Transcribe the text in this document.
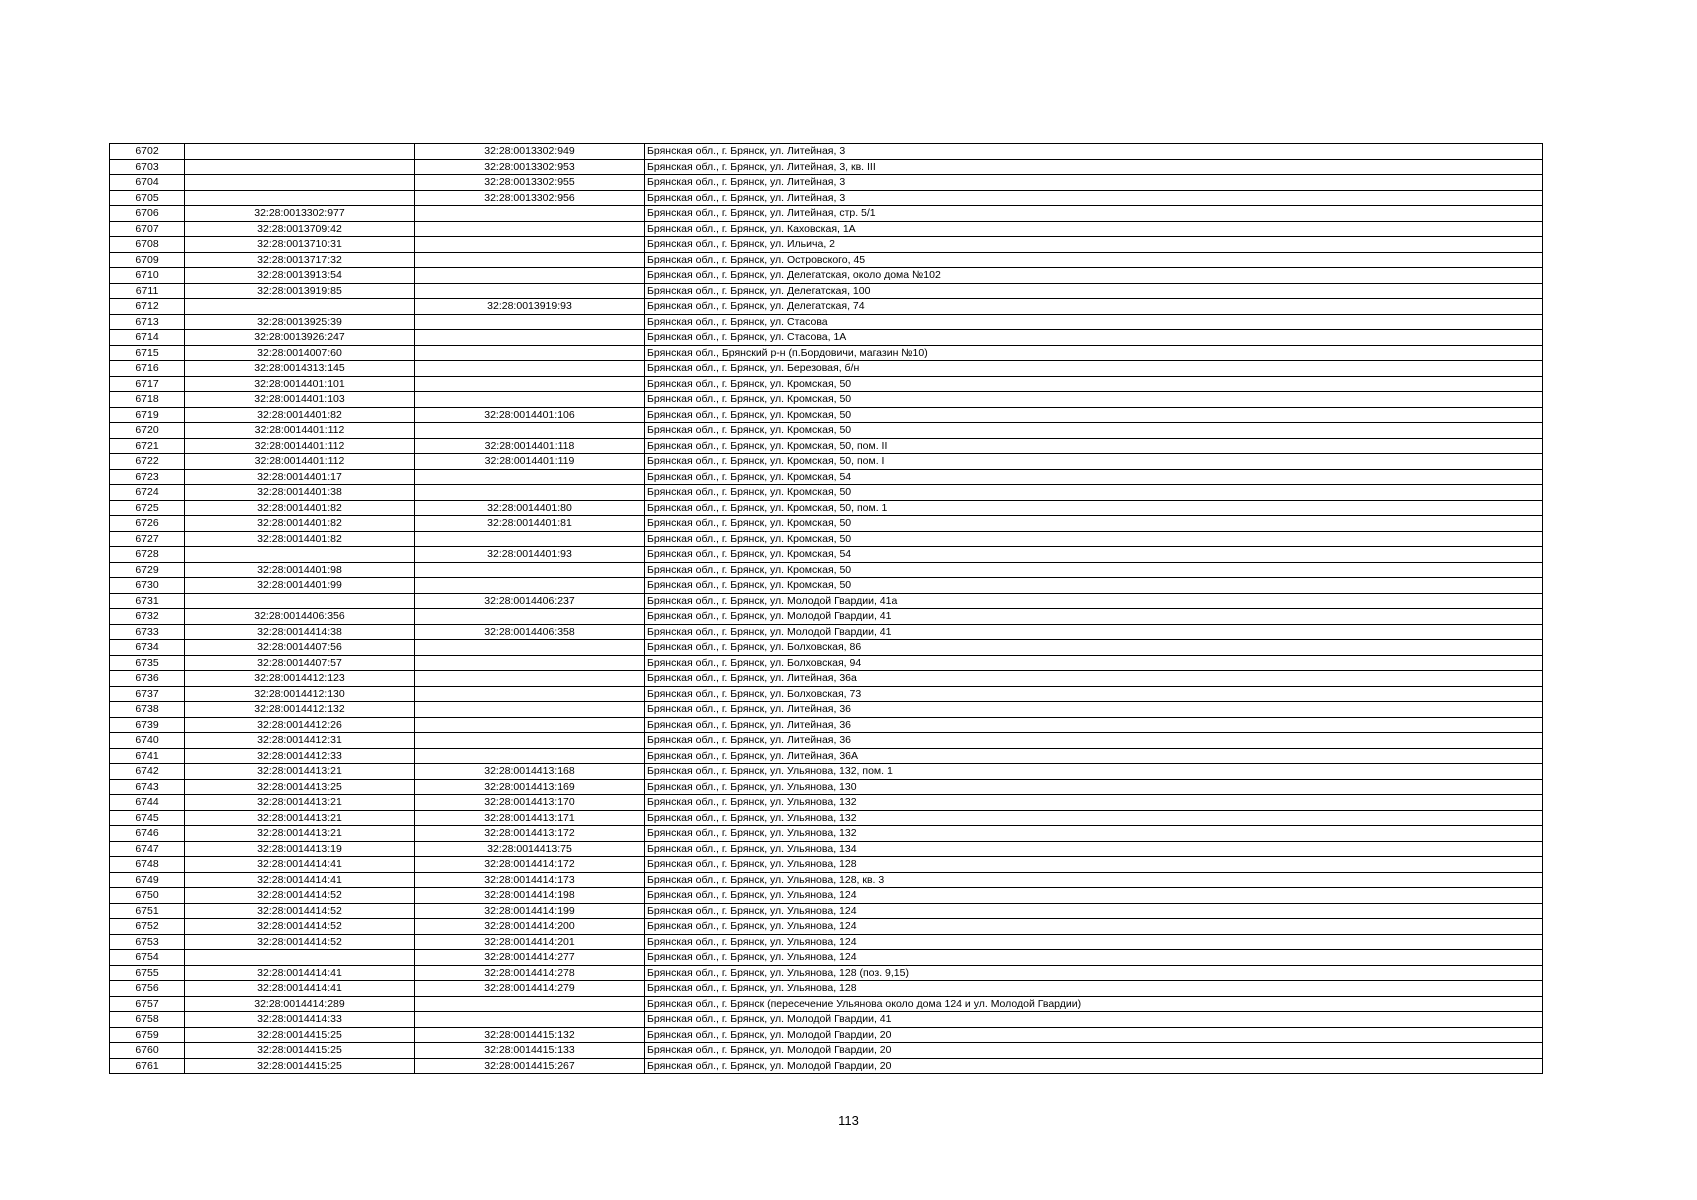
6702		32:28:0013302:949	Брянская обл., г. Брянск, ул. Литейная, 3
6703		32:28:0013302:953	Брянская обл., г. Брянск, ул. Литейная, 3, кв. III
6704		32:28:0013302:955	Брянская обл., г. Брянск, ул. Литейная, 3
6705		32:28:0013302:956	Брянская обл., г. Брянск, ул. Литейная, 3
6706	32:28:0013302:977		Брянская обл., г. Брянск, ул. Литейная, стр. 5/1
6707	32:28:0013709:42		Брянская обл., г. Брянск, ул. Каховская, 1А
6708	32:28:0013710:31		Брянская обл., г. Брянск, ул. Ильича, 2
6709	32:28:0013717:32		Брянская обл., г. Брянск, ул. Островского, 45
6710	32:28:0013913:54		Брянская обл., г. Брянск, ул. Делегатская, около дома №102
6711	32:28:0013919:85		Брянская обл., г. Брянск, ул. Делегатская, 100
6712		32:28:0013919:93	Брянская обл., г. Брянск, ул. Делегатская, 74
6713	32:28:0013925:39		Брянская обл., г. Брянск, ул. Стасова
6714	32:28:0013926:247		Брянская обл., г. Брянск, ул. Стасова, 1А
6715	32:28:0014007:60		Брянская обл., Брянский р-н (п.Бордовичи, магазин №10)
6716	32:28:0014313:145		Брянская обл., г. Брянск, ул. Березовая, б/н
6717	32:28:0014401:101		Брянская обл., г. Брянск, ул. Кромская, 50
6718	32:28:0014401:103		Брянская обл., г. Брянск, ул. Кромская, 50
6719	32:28:0014401:82	32:28:0014401:106	Брянская обл., г. Брянск, ул. Кромская, 50
6720	32:28:0014401:112		Брянская обл., г. Брянск, ул. Кромская, 50
6721	32:28:0014401:112	32:28:0014401:118	Брянская обл., г. Брянск, ул. Кромская, 50, пом. II
6722	32:28:0014401:112	32:28:0014401:119	Брянская обл., г. Брянск, ул. Кромская, 50, пом. I
6723	32:28:0014401:17		Брянская обл., г. Брянск, ул. Кромская, 54
6724	32:28:0014401:38		Брянская обл., г. Брянск, ул. Кромская, 50
6725	32:28:0014401:82	32:28:0014401:80	Брянская обл., г. Брянск, ул. Кромская, 50, пом. 1
6726	32:28:0014401:82	32:28:0014401:81	Брянская обл., г. Брянск, ул. Кромская, 50
6727	32:28:0014401:82		Брянская обл., г. Брянск, ул. Кромская, 50
6728		32:28:0014401:93	Брянская обл., г. Брянск, ул. Кромская, 54
6729	32:28:0014401:98		Брянская обл., г. Брянск, ул. Кромская, 50
6730	32:28:0014401:99		Брянская обл., г. Брянск, ул. Кромская, 50
6731		32:28:0014406:237	Брянская обл., г. Брянск, ул. Молодой Гвардии, 41а
6732	32:28:0014406:356		Брянская обл., г. Брянск, ул. Молодой Гвардии, 41
6733	32:28:0014414:38	32:28:0014406:358	Брянская обл., г. Брянск, ул. Молодой Гвардии, 41
6734	32:28:0014407:56		Брянская обл., г. Брянск, ул. Болховская, 86
6735	32:28:0014407:57		Брянская обл., г. Брянск, ул. Болховская, 94
6736	32:28:0014412:123		Брянская обл., г. Брянск, ул. Литейная, 36а
6737	32:28:0014412:130		Брянская обл., г. Брянск, ул. Болховская, 73
6738	32:28:0014412:132		Брянская обл., г. Брянск, ул. Литейная, 36
6739	32:28:0014412:26		Брянская обл., г. Брянск, ул. Литейная, 36
6740	32:28:0014412:31		Брянская обл., г. Брянск, ул. Литейная, 36
6741	32:28:0014412:33		Брянская обл., г. Брянск, ул. Литейная, 36А
6742	32:28:0014413:21	32:28:0014413:168	Брянская обл., г. Брянск, ул. Ульянова, 132, пом. 1
6743	32:28:0014413:25	32:28:0014413:169	Брянская обл., г. Брянск, ул. Ульянова, 130
6744	32:28:0014413:21	32:28:0014413:170	Брянская обл., г. Брянск, ул. Ульянова, 132
6745	32:28:0014413:21	32:28:0014413:171	Брянская обл., г. Брянск, ул. Ульянова, 132
6746	32:28:0014413:21	32:28:0014413:172	Брянская обл., г. Брянск, ул. Ульянова, 132
6747	32:28:0014413:19	32:28:0014413:75	Брянская обл., г. Брянск, ул. Ульянова, 134
6748	32:28:0014414:41	32:28:0014414:172	Брянская обл., г. Брянск, ул. Ульянова, 128
6749	32:28:0014414:41	32:28:0014414:173	Брянская обл., г. Брянск, ул. Ульянова, 128, кв. 3
6750	32:28:0014414:52	32:28:0014414:198	Брянская обл., г. Брянск, ул. Ульянова, 124
6751	32:28:0014414:52	32:28:0014414:199	Брянская обл., г. Брянск, ул. Ульянова, 124
6752	32:28:0014414:52	32:28:0014414:200	Брянская обл., г. Брянск, ул. Ульянова, 124
6753	32:28:0014414:52	32:28:0014414:201	Брянская обл., г. Брянск, ул. Ульянова, 124
6754		32:28:0014414:277	Брянская обл., г. Брянск, ул. Ульянова, 124
6755	32:28:0014414:41	32:28:0014414:278	Брянская обл., г. Брянск, ул. Ульянова, 128 (поз. 9,15)
6756	32:28:0014414:41	32:28:0014414:279	Брянская обл., г. Брянск, ул. Ульянова, 128
6757	32:28:0014414:289		Брянская обл., г. Брянск (пересечение Ульянова около дома 124 и ул. Молодой Гвардии)
6758	32:28:0014414:33		Брянская обл., г. Брянск, ул. Молодой Гвардии, 41
6759	32:28:0014415:25	32:28:0014415:132	Брянская обл., г. Брянск, ул. Молодой Гвардии, 20
6760	32:28:0014415:25	32:28:0014415:133	Брянская обл., г. Брянск, ул. Молодой Гвардии, 20
6761	32:28:0014415:25	32:28:0014415:267	Брянская обл., г. Брянск, ул. Молодой Гвардии, 20
113
